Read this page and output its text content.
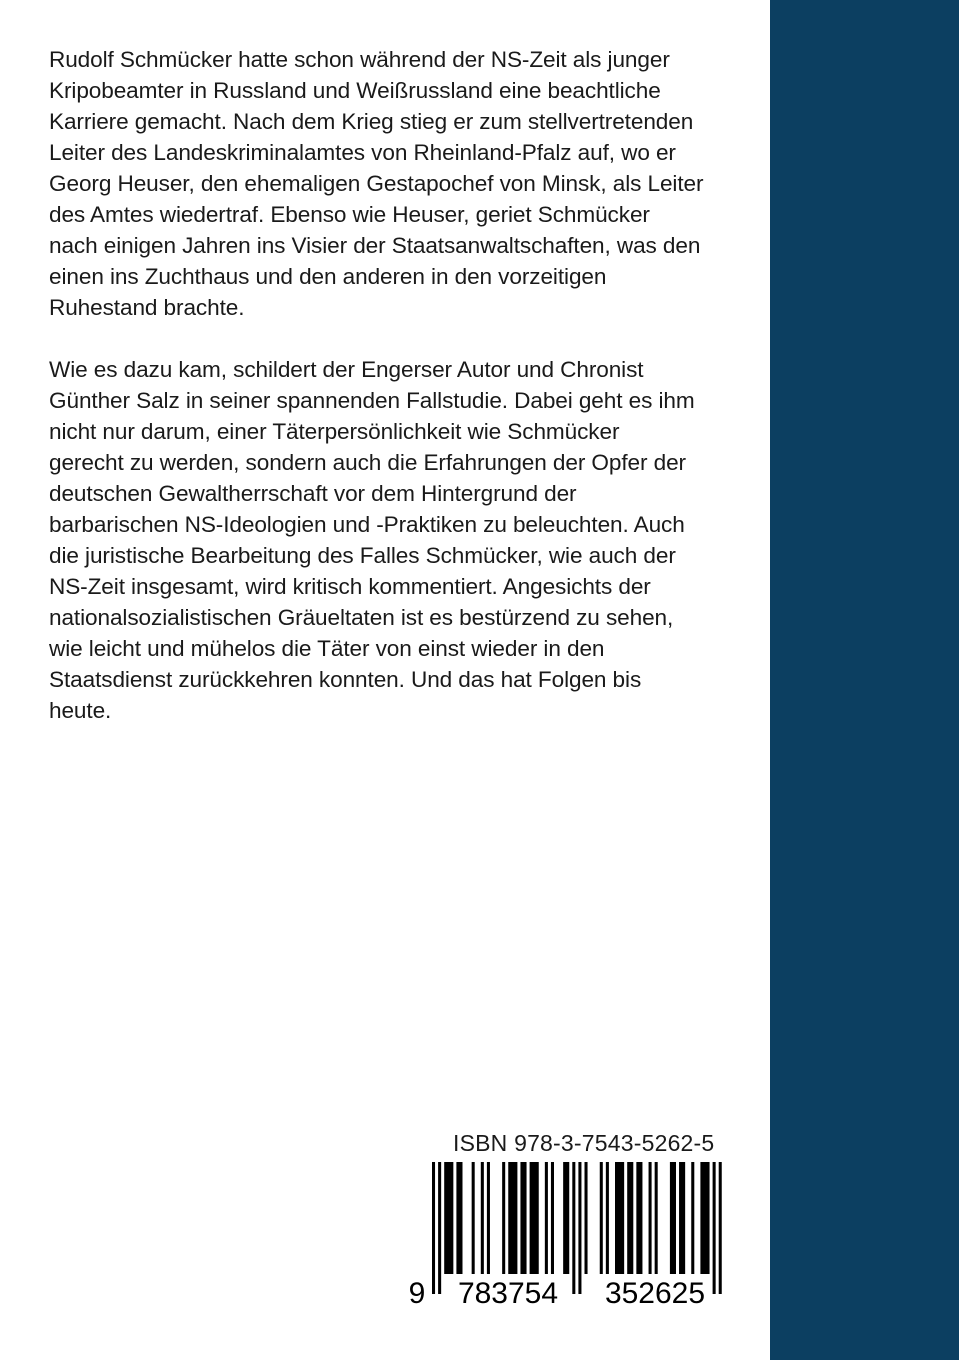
Rudolf Schmücker hatte schon während der NS-Zeit als junger
Kripobeamter in Russland und Weißrussland eine beachtliche
Karriere gemacht. Nach dem Krieg stieg er zum stellvertretenden
Leiter des Landeskriminalamtes von Rheinland-Pfalz auf, wo er
Georg Heuser, den ehemaligen Gestapochef von Minsk, als Leiter
des Amtes wiedertraf. Ebenso wie Heuser, geriet Schmücker
nach einigen Jahren ins Visier der Staatsanwaltschaften, was den
einen ins Zuchthaus und den anderen in den vorzeitigen
Ruhestand brachte.

Wie es dazu kam, schildert der Engerser Autor und Chronist
Günther Salz in seiner spannenden Fallstudie. Dabei geht es ihm
nicht nur darum, einer Täterpersönlichkeit wie Schmücker
gerecht zu werden, sondern auch die Erfahrungen der Opfer der
deutschen Gewaltherrschaft vor dem Hintergrund der
barbarischen NS-Ideologien und -Praktiken zu beleuchten. Auch
die juristische Bearbeitung des Falles Schmücker, wie auch der
NS-Zeit insgesamt, wird kritisch kommentiert. Angesichts der
nationalsozialistischen Gräueltaten ist es bestürzend zu sehen,
wie leicht und mühelos die Täter von einst wieder in den
Staatsdienst zurückkehren konnten. Und das hat Folgen bis
heute.

ISBN 978-3-7543-5262-5
9 783754 352625
